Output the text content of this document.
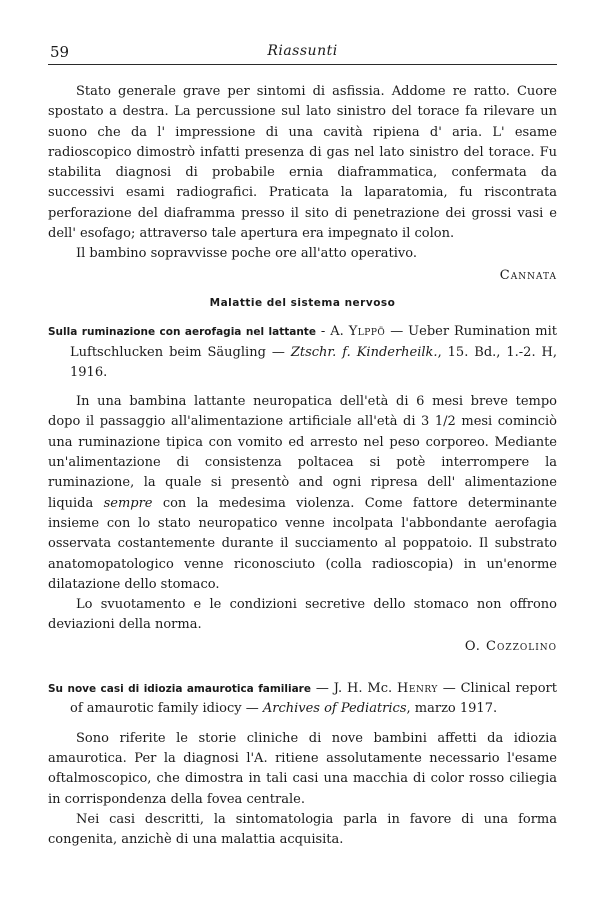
59	Riassunti

Stato generale grave per sintomi di asfissia. Addome re ratto. Cuore spostato a destra. La percussione sul lato sinistro del torace fa rilevare un suono che da l' impressione di una cavità ripiena d' aria. L' esame radioscopico dimostrò infatti presenza di gas nel lato sinistro del torace. Fu stabilita diagnosi di probabile ernia diaframmatica, confermata da successivi esami radiografici. Praticata la laparatomia, fu riscontrata perforazione del diaframma presso il sito di penetrazione dei grossi vasi e dell' esofago; attraverso tale apertura era impegnato il colon.

Il bambino sopravvisse poche ore all'atto operativo.

Cannata

Malattie del sistema nervoso

Sulla ruminazione con aerofagia nel lattante - A. Ylppö — Ueber Rumination mit Luftschlucken beim Säugling — Ztschr. f. Kinderheilk., 15. Bd., 1.-2. H, 1916.

In una bambina lattante neuropatica dell'età di 6 mesi breve tempo dopo il passaggio all'alimentazione artificiale all'età di 3 1/2 mesi cominciò una ruminazione tipica con vomito ed arresto nel peso corporeo. Mediante un'alimentazione di consistenza poltacea si potè interrompere la ruminazione, la quale si presentò and ogni ripresa dell' alimentazione liquida sempre con la medesima violenza. Come fattore determinante insieme con lo stato neuropatico venne incolpata l'abbondante aerofagia osservata costantemente durante il succiamento al poppatoio. Il substrato anatomopatologico venne riconosciuto (colla radioscopia) in un'enorme dilatazione dello stomaco.

Lo svuotamento e le condizioni secretive dello stomaco non offrono deviazioni della norma.

O. Cozzolino

Su nove casi di idiozia amaurotica familiare — J. H. Mc. Henry — Clinical report of amaurotic family idiocy — Archives of Pediatrics, marzo 1917.

Sono riferite le storie cliniche di nove bambini affetti da idiozia amaurotica. Per la diagnosi l'A. ritiene assolutamente necessario l'esame oftalmoscopico, che dimostra in tali casi una macchia di color rosso ciliegia in corrispondenza della fovea centrale.

Nei casi descritti, la sintomatologia parla in favore di una forma congenita, anzichè di una malattia acquisita.
